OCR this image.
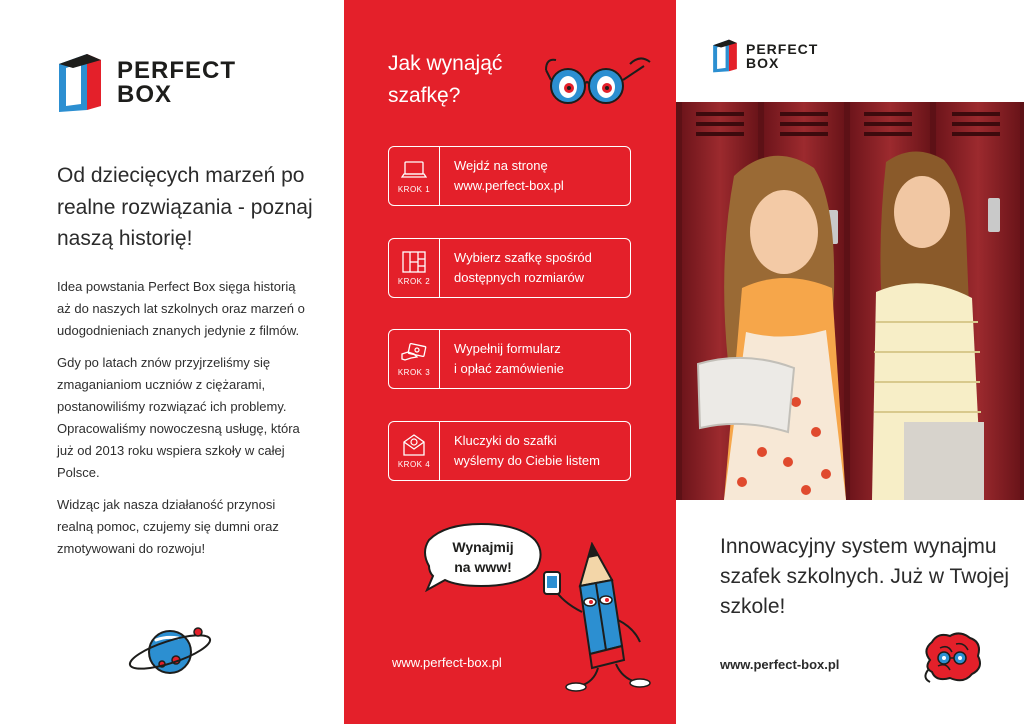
PERFECT
BOX
Od dziecięcych marzeń po realne rozwiązania - poznaj naszą historię!

Idea powstania Perfect Box sięga historią aż do naszych lat szkolnych oraz marzeń o udogodnieniach znanych jedynie z filmów.

Gdy po latach znów przyjrzeliśmy się zmaganianiom uczniów z ciężarami, postanowiliśmy rozwiązać ich problemy. Opracowaliśmy nowoczesną usługę, która już od 2013 roku wspiera szkoły w całej Polsce.

Widząc jak nasza działaność przynosi realną pomoc, czujemy się dumni oraz zmotywowani do rozwoju!

Jak wynająć szafkę?
KROK 1
Wejdź na stronę
www.perfect-box.pl
KROK 2
Wybierz szafkę spośród
dostępnych rozmiarów
KROK 3
Wypełnij formularz
i opłać zamówienie
KROK 4
Kluczyki do szafki
wyślemy do Ciebie listem
Wynajmij
na www!
www.perfect-box.pl
PERFECT
BOX

Innowacyjny system wynajmu szafek szkolnych. Już w Twojej szkole!

www.perfect-box.pl
